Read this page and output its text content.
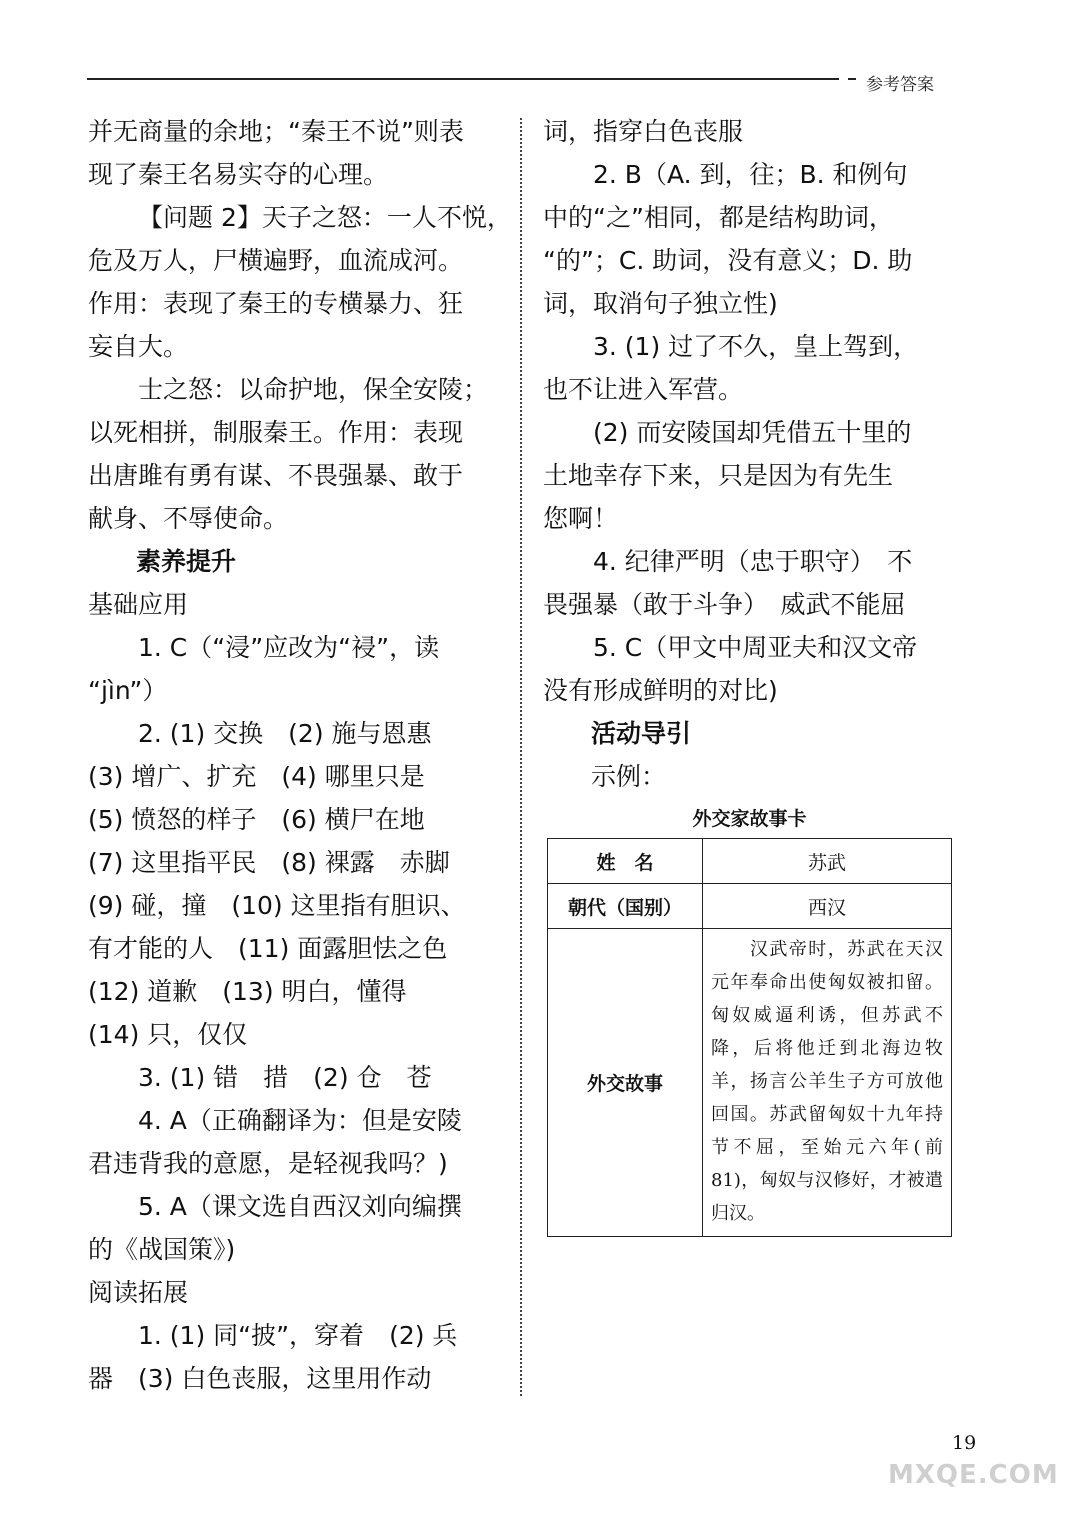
参考答案
并无商量的余地；“秦王不说”则表
现了秦王名易实夺的心理。
【问题 2】天子之怒：一人不悦，
危及万人，尸横遍野，血流成河。
作用：表现了秦王的专横暴力、狂
妄自大。
士之怒：以命护地，保全安陵；
以死相拼，制服秦王。作用：表现
出唐雎有勇有谋、不畏强暴、敢于
献身、不辱使命。
素养提升
基础应用
1. C（“浸”应改为“祲”，读
“jìn”）
2. (1) 交换　(2) 施与恩惠
(3) 增广、扩充　(4) 哪里只是
(5) 愤怒的样子　(6) 横尸在地
(7) 这里指平民　(8) 裸露　赤脚
(9) 碰，撞　(10) 这里指有胆识、
有才能的人　(11) 面露胆怯之色
(12) 道歉　(13) 明白，懂得
(14) 只，仅仅
3. (1) 错　措　(2) 仓　苍
4. A（正确翻译为：但是安陵
君违背我的意愿，是轻视我吗？)
5. A（课文选自西汉刘向编撰
的《战国策》)
阅读拓展
1. (1) 同“披”，穿着　(2) 兵
器　(3) 白色丧服，这里用作动
词，指穿白色丧服
2. B（A. 到，往；B. 和例句
中的“之”相同，都是结构助词，
“的”；C. 助词，没有意义；D. 助
词，取消句子独立性)
3. (1) 过了不久，皇上驾到，
也不让进入军营。
(2) 而安陵国却凭借五十里的
土地幸存下来，只是因为有先生
您啊！
4. 纪律严明（忠于职守）　不
畏强暴（敢于斗争）　威武不能屈
5. C（甲文中周亚夫和汉文帝
没有形成鲜明的对比)
活动导引
示例：
外交家故事卡
姓　名	苏武
朝代（国别）	西汉
外交故事	　　汉武帝时，苏武在天汉元年奉命出使匈奴被扣留。匈奴威逼利诱，但苏武不降，后将他迁到北海边牧羊，扬言公羊生子方可放他回国。苏武留匈奴十九年持节不屈，至始元六年(前 81)，匈奴与汉修好，才被遣归汉。
19
MXQE.COM
